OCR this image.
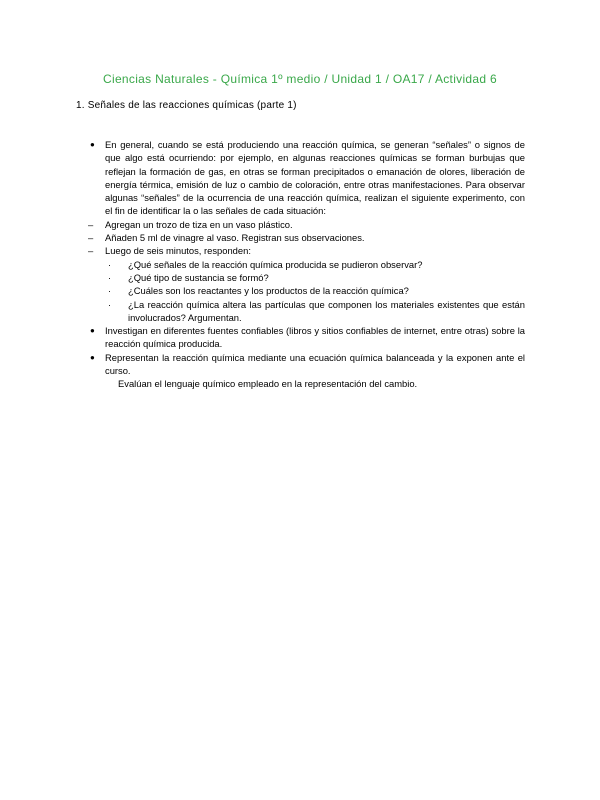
Ciencias Naturales - Química 1º medio / Unidad 1 / OA17 / Actividad 6
1. Señales de las reacciones químicas (parte 1)
● En general, cuando se está produciendo una reacción química, se generan “señales” o signos de que algo está ocurriendo: por ejemplo, en algunas reacciones químicas se forman burbujas que reflejan la formación de gas, en otras se forman precipitados o emanación de olores, liberación de energía térmica, emisión de luz o cambio de coloración, entre otras manifestaciones. Para observar algunas “señales” de la ocurrencia de una reacción química, realizan el siguiente experimento, con el fin de identificar la o las señales de cada situación:
– Agregan un trozo de tiza en un vaso plástico.
– Añaden 5 ml de vinagre al vaso. Registran sus observaciones.
– Luego de seis minutos, responden:
· ¿Qué señales de la reacción química producida se pudieron observar?
· ¿Qué tipo de sustancia se formó?
· ¿Cuáles son los reactantes y los productos de la reacción química?
· ¿La reacción química altera las partículas que componen los materiales existentes que están involucrados? Argumentan.
● Investigan en diferentes fuentes confiables (libros y sitios confiables de internet, entre otras) sobre la reacción química producida.
● Representan la reacción química mediante una ecuación química balanceada y la exponen ante el curso.
Evalúan el lenguaje químico empleado en la representación del cambio.
